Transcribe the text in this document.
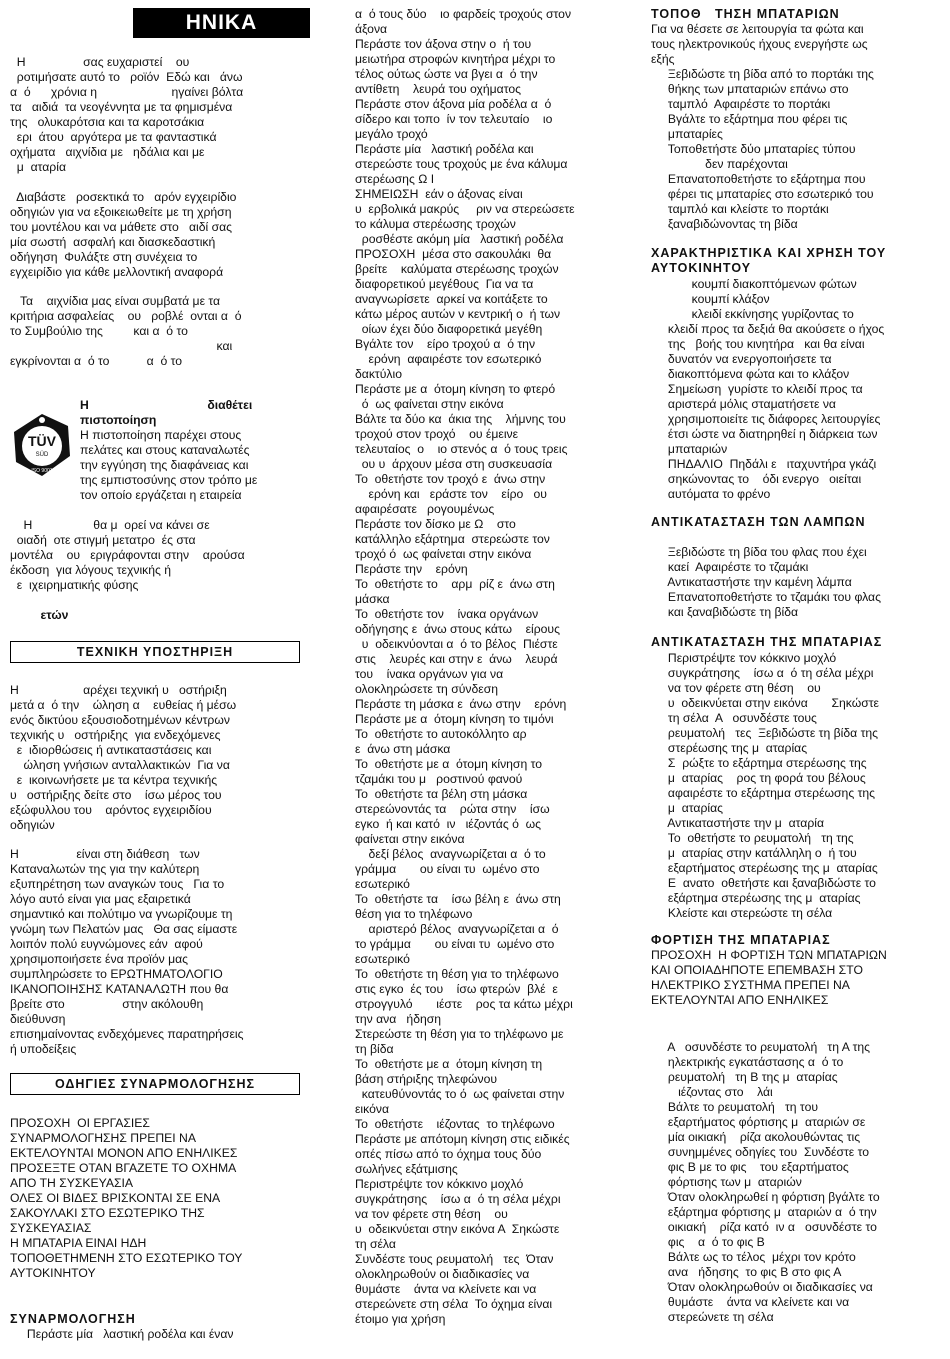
ΗΝΙΚΑ

Η                 σας ευχαριστεί    ου
ροτιμήσατε αυτό το   ροϊόν  Εδώ και   άνω
α  ό      χρόνια η                      ηγαίνει βόλτα
τα   αιδιά  τα νεογέννητα με τα φημισμένα
της   ολυκαρότσια και τα καροτσάκια
ερι  άτου  αργότερα με τα φανταστικά
οχήματα   αιχνίδια με   ηδάλια και με
μ  αταρία

Διαβάστε   ροσεκτικά το   αρόν εγχειρίδιο
οδηγιών για να εξοικειωθείτε με τη χρήση
του μοντέλου και να μάθετε στο   αιδί σας
μία σωστή  ασφαλή και διασκεδαστική
οδήγηση  Φυλάξτε στη συνέχεια το
εγχειρίδιο για κάθε μελλοντική αναφορά

Τα    αιχνίδια μας είναι συμβατά με τα
κριτήρια ασφαλείας    ου   ροβλέ  ονται α  ό
το Συμβούλιο της         και α  ό το
και
εγκρίνονται α  ό το           α  ό το

TÜV
SÜD
ISO 9001

Η                                   διαθέτει

πιστοποίηση

Η πιστοποίηση παρέχει στους
πελάτες και στους καταναλωτές
την εγγύηση της διαφάνειας και
της εμπιστοσύνης στον τρόπο με
τον οποίο εργάζεται η εταιρεία

Η                  θα μ  ορεί να κάνει σε
οιαδή  οτε στιγμή μετατρο  ές στα
μοντέλα    ου   εριγράφονται στην    αρούσα
έκδοση  για λόγους τεχνικής ή
ε  ιχειρηματικής φύσης

ετών

ΤΕΧΝΙΚΗ ΥΠΟΣΤΗΡΙΞΗ

Η                   αρέχει τεχνική υ   οστήριξη
μετά α  ό την    ώληση α    ευθείας ή μέσω
ενός δικτύου εξουσιοδοτημένων κέντρων
τεχνικής υ   οστήριξης  για ενδεχόμενες
ε  ιδιορθώσεις ή αντικαταστάσεις και
ώληση γνήσιων ανταλλακτικών  Για να
ε  ικοινωνήσετε με τα κέντρα τεχνικής
υ   οστήριξης δείτε στο    ίσω μέρος του
εξώφυλλου του    αρόντος εγχειριδίου
οδηγιών

Η                 είναι στη διάθεση   των
Καταναλωτών της για την καλύτερη
εξυπηρέτηση των αναγκών τους   Για το
λόγο αυτό είναι για μας εξαιρετικά
σημαντικό και πολύτιμο να γνωρίζουμε τη
γνώμη των Πελατών μας   Θα σας είμαστε
λοιπόν πολύ ευγνώμονες εάν  αφού
χρησιμοποιήσετε ένα προϊόν μας
συμπληρώσετε το ΕΡΩΤΗΜΑΤΟΛΟΓΙΟ
ΙΚΑΝΟΠΟΙΗΣΗΣ ΚΑΤΑΝΑΛΩΤΗ που θα
βρείτε στο                 στην ακόλουθη
διεύθυνση
επισημαίνοντας ενδεχόμενες παρατηρήσεις
ή υποδείξεις

ΟΔΗΓΙΕΣ ΣΥΝΑΡΜΟΛΟΓΗΣΗΣ

ΠΡΟΣΟΧΗ  ΟΙ ΕΡΓΑΣΙΕΣ
ΣΥΝΑΡΜΟΛΟΓΗΣΗΣ ΠΡΕΠΕΙ ΝΑ
ΕΚΤΕΛΟΥΝΤΑΙ ΜΟΝΟΝ ΑΠΟ ΕΝΗΛΙΚΕΣ
ΠΡΟΣΕΞΤΕ ΟΤΑΝ ΒΓΑΖΕΤΕ ΤΟ ΟΧΗΜΑ
ΑΠΟ ΤΗ ΣΥΣΚΕΥΑΣΙΑ
ΟΛΕΣ ΟΙ ΒΙΔΕΣ ΒΡΙΣΚΟΝΤΑΙ ΣΕ ΕΝΑ
ΣΑΚΟΥΛΑΚΙ ΣΤΟ ΕΣΩΤΕΡΙΚΟ ΤΗΣ
ΣΥΣΚΕΥΑΣΙΑΣ
Η ΜΠΑΤΑΡΙΑ ΕΙΝΑΙ ΗΔΗ
ΤΟΠΟΘΕΤΗΜΕΝΗ ΣΤΟ ΕΣΩΤΕΡΙΚΟ ΤΟΥ
ΑΥΤΟΚΙΝΗΤΟΥ

ΣΥΝΑΡΜΟΛΟΓΗΣΗ

Περάστε μία   λαστική ροδέλα και έναν

α  ό τους δύο    ιο φαρδείς τροχούς στον
άξονα
Περάστε τον άξονα στην ο  ή του
μειωτήρα στροφών κινητήρα μέχρι το
τέλος ούτως ώστε να βγει α  ό την
αντίθετη    λευρά του οχήματος
Περάστε στον άξονα μία ροδέλα α  ό
σίδερο και τοπο  ίν τον τελευταίο    ιο
μεγάλο τροχό
Περάστε μία   λαστική ροδέλα και
στερεώστε τους τροχούς με ένα κάλυμα
στερέωσης Ω Ι
ΣΗΜΕΙΩΣΗ  εάν ο άξονας είναι
υ  ερβολικά μακρύς     ριν να στερεώσετε
το κάλυμα στερέωσης τροχών
ροσθέστε ακόμη μία   λαστική ροδέλα
ΠΡΟΣΟΧΗ  μέσα στο σακουλάκι  θα
βρείτε    καλύματα στερέωσης τροχών
διαφορετικού μεγέθους  Για να τα
αναγνωρίσετε  αρκεί να κοιτάξετε το
κάτω μέρος αυτών ν κεντρική ο  ή των
οίων έχει δύο διαφορετικά μεγέθη
Βγάλτε τον    είρο τροχού α  ό την
ερόνη  αφαιρέστε τον εσωτερικό
δακτύλιο
Περάστε με α  ότομη κίνηση το φτερό
ό  ως φαίνεται στην εικόνα
Βάλτε τα δύο κα  άκια της    λήμνης του
τροχού στον τροχό    ου έμεινε
τελευταίος  ο    ιο στενός α  ό τους τρεις
ου υ  άρχουν μέσα στη συσκευασία
Το  οθετήστε τον τροχό ε  άνω στην
ερόνη και   εράστε τον    είρο   ου
αφαιρέσατε   ρογουμένως
Περάστε τον δίσκο με Ω    στο
κατάλληλο εξάρτημα  στερεώστε τον
τροχό ό  ως φαίνεται στην εικόνα
Περάστε την    ερόνη
Το  οθετήστε το    αρμ  ρίζ ε  άνω στη
μάσκα
Το  οθετήστε τον    ίνακα οργάνων
οδήγησης ε  άνω στους κάτω    είρους
υ  οδεικνύονται α  ό το βέλος  Πιέστε
στις    λευρές και στην ε  άνω    λευρά
του    ίνακα οργάνων για να
ολοκληρώσετε τη σύνδεση
Περάστε τη μάσκα ε  άνω στην    ερόνη
Περάστε με α  ότομη κίνηση το τιμόνι
Το  οθετήστε το αυτοκόλλητο αρ
ε  άνω στη μάσκα
Το  οθετήστε με α  ότομη κίνηση το
τζαμάκι του μ   ροστινού φανού
Το  οθετήστε τα βέλη στη μάσκα
στερεώνοντάς τα    ρώτα στην    ίσω
εγκο  ή και κατό  ιν   ιέζοντάς ό  ως
φαίνεται στην εικόνα
δεξί βέλος  αναγνωρίζεται α  ό το
γράμμα       ου είναι τυ  ωμένο στο
εσωτερικό
Το  οθετήστε τα    ίσω βέλη ε  άνω στη
θέση για το τηλέφωνο
αριστερό βέλος  αναγνωρίζεται α  ό
το γράμμα       ου είναι τυ  ωμένο στο
εσωτερικό
Το  οθετήστε τη θέση για το τηλέφωνο
στις εγκο  ές του    ίσω φτερών  βλέ  ε
στρογγυλό       ιέστε    ρος τα κάτω μέχρι
την ανα   ήδηση
Στερεώστε τη θέση για το τηλέφωνο με
τη βίδα
Το  οθετήστε με α  ότομη κίνηση τη
βάση στήριξης τηλεφώνου
κατευθύνοντάς το ό  ως φαίνεται στην
εικόνα
Το  οθετήστε    ιέζοντας  το τηλέφωνο
Περάστε με απότομη κίνηση στις ειδικές
οπές πίσω από το όχημα τους δύο
σωλήνες εξάτμισης
Περιστρέψτε τον κόκκινο μοχλό
συγκράτησης    ίσω α  ό τη σέλα μέχρι
να τον φέρετε στη θέση    ου
υ  οδεικνύεται στην εικόνα Α  Σηκώστε
τη σέλα
Συνδέστε τους ρευματολή   τες  Όταν
ολοκληρωθούν οι διαδικασίες να
θυμάστε    άντα να κλείνετε και να
στερεώνετε στη σέλα  Το όχημα είναι
έτοιμο για χρήση

ΤΟΠΟΘ   ΤΗΣΗ ΜΠΑΤΑΡΙΩΝ

Για να θέσετε σε λειτουργία τα φώτα και
τους ηλεκτρονικούς ήχους ενεργήστε ως
εξής
Ξεβιδώστε τη βίδα από το πορτάκι της
θήκης των μπαταριών επάνω στο
ταμπλό  Αφαιρέστε το πορτάκι
Βγάλτε το εξάρτημα που φέρει τις
μπαταρίες
Τοποθετήστε δύο μπαταρίες τύπου
δεν παρέχονται
Επανατοποθετήστε το εξάρτημα που
φέρει τις μπαταρίες στο εσωτερικό του
ταμπλό και κλείστε το πορτάκι
ξαναβιδώνοντας τη βίδα

ΧΑΡΑΚΤΗΡΙΣΤΙΚΑ ΚΑΙ ΧΡΗΣΗ ΤΟΥ
ΑΥΤΟΚΙΝΗΤΟΥ

κουμπί διακοπτόμενων φώτων
κουμπί κλάξον
κλειδί εκκίνησης γυρίζοντας το
κλειδί προς τα δεξιά θα ακούσετε ο ήχος
της   βοής του κινητήρα   και θα είναι
δυνατόν να ενεργοποιήσετε τα
διακοπτόμενα φώτα και το κλάξον
Σημείωση  γυρίστε το κλειδί προς τα
αριστερά μόλις σταματήσετε να
χρησιμοποιείτε τις διάφορες λειτουργίες
έτσι ώστε να διατηρηθεί η διάρκεια των
μπαταριών
ΠΗΔΑΛΙΟ  Πηδάλι ε   ιταχυντήρα γκάζι
σηκώνοντας το    όδι ενεργο   οιείται
αυτόματα το φρένο

ΑΝΤΙΚΑΤΑΣΤΑΣΗ ΤΩΝ ΛΑΜΠΩΝ

Ξεβιδώστε τη βίδα του φλας που έχει
καεί  Αφαιρέστε το τζαμάκι
Αντικαταστήστε την καμένη λάμπα
Επανατοποθετήστε το τζαμάκι του φλας
και ξαναβιδώστε τη βίδα

ΑΝΤΙΚΑΤΑΣΤΑΣΗ ΤΗΣ ΜΠΑΤΑΡΙΑΣ

Περιστρέψτε τον κόκκινο μοχλό
συγκράτησης    ίσω α  ό τη σέλα μέχρι
να τον φέρετε στη θέση    ου
υ  οδεικνύεται στην εικόνα       Σηκώστε
τη σέλα  Α   οσυνδέστε τους
ρευματολή   τες  Ξεβιδώστε τη βίδα της
στερέωσης της μ  αταρίας
Σ  ρώξτε το εξάρτημα στερέωσης της
μ  αταρίας    ρος τη φορά του βέλους
αφαιρέστε το εξάρτημα στερέωσης της
μ  αταρίας
Αντικαταστήστε την μ  αταρία
Το  οθετήστε το ρευματολή   τη της
μ  αταρίας στην κατάλληλη ο  ή του
εξαρτήματος στερέωσης της μ  αταρίας
Ε  ανατο  οθετήστε και ξαναβιδώστε το
εξάρτημα στερέωσης της μ  αταρίας
Κλείστε και στερεώστε τη σέλα

ΦΟΡΤΙΣΗ ΤΗΣ ΜΠΑΤΑΡΙΑΣ

ΠΡΟΣΟΧΗ  Η ΦΟΡΤΙΣΗ ΤΩΝ ΜΠΑΤΑΡΙΩΝ
ΚΑΙ ΟΠΟΙΑΔΗΠΟΤΕ ΕΠΕΜΒΑΣΗ ΣΤΟ
ΗΛΕΚΤΡΙΚΟ ΣΥΣΤΗΜΑ ΠΡΕΠΕΙ ΝΑ
ΕΚΤΕΛΟΥΝΤΑΙ ΑΠΟ ΕΝΗΛΙΚΕΣ

Α   οσυνδέστε το ρευματολή   τη Α της
ηλεκτρικής εγκατάστασης α  ό το
ρευματολή   τη Β της μ  αταρίας
ιέζοντας στο    λάι
Βάλτε το ρευματολή   τη του
εξαρτήματος φόρτισης μ  αταριών σε
μία οικιακή    ρίζα ακολουθώντας τις
συνημμένες οδηγίες του  Συνδέστε το
φις Β με το φις    του εξαρτήματος
φόρτισης των μ  αταριών
Όταν ολοκληρωθεί η φόρτιση βγάλτε το
εξάρτημα φόρτισης μ  αταριών α  ό την
οικιακή    ρίζα κατό  ιν α   οσυνδέστε το
φις    α  ό το φις Β
Βάλτε ως το τέλος  μέχρι τον κρότο
ανα   ήδησης  το φις Β στο φις Α
Όταν ολοκληρωθούν οι διαδικασίες να
θυμάστε    άντα να κλείνετε και να
στερεώνετε τη σέλα
